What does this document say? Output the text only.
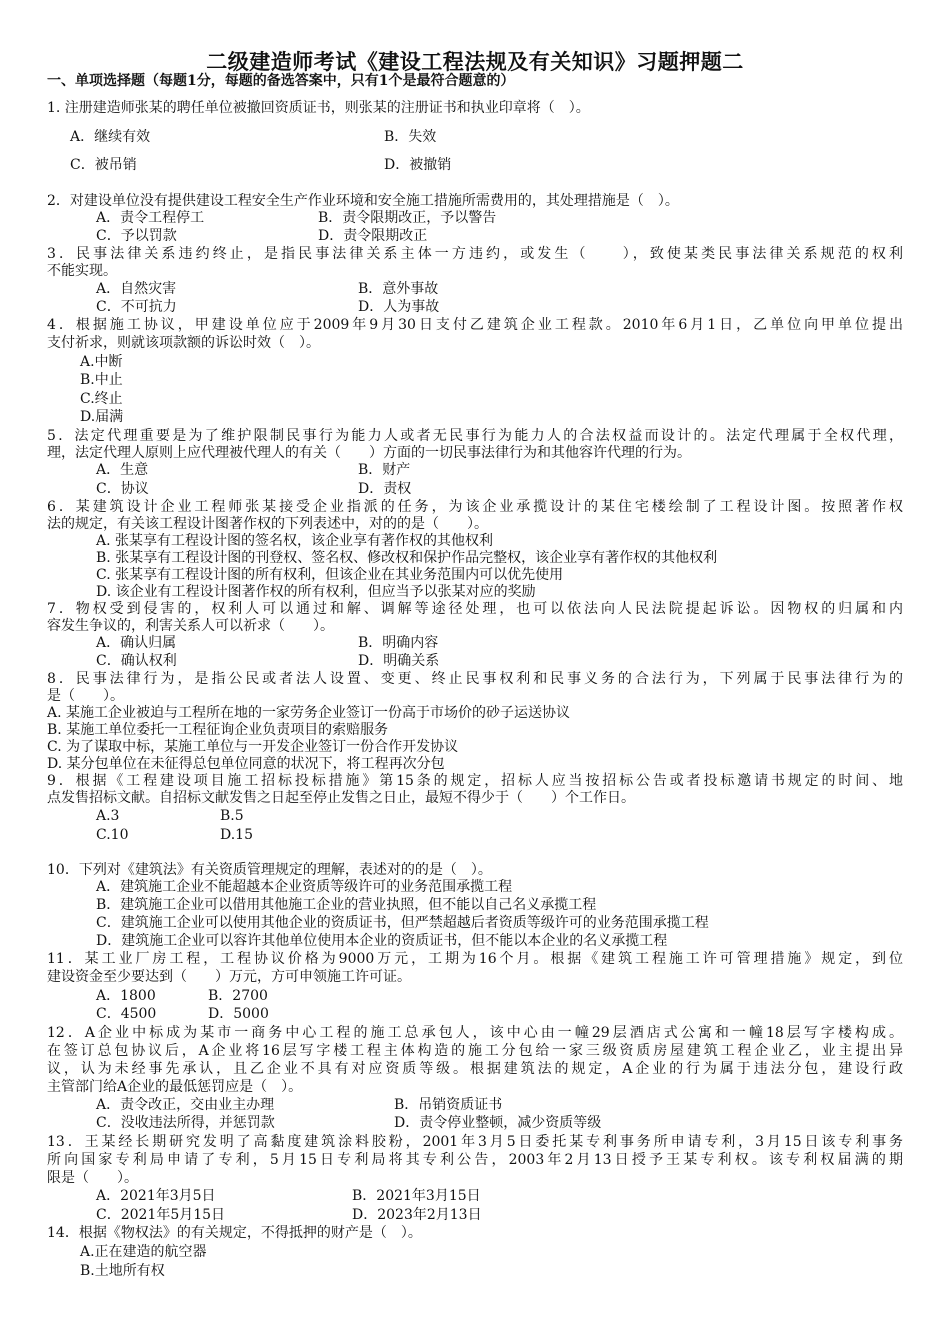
二级建造师考试《建设工程法规及有关知识》习题押题二
一、单项选择题（每题1分，每题的备选答案中，只有1个是最符合题意的）
1. 注册建造师张某的聘任单位被撤回资质证书，则张某的注册证书和执业印章将（　）。
A．继续有效	B．失效
C．被吊销	D．被撤销
2．对建设单位没有提供建设工程安全生产作业环境和安全施工措施所需费用的，其处理措施是（　）。
A．责令工程停工	B．责令限期改正，予以警告
C．予以罚款	D．责令限期改正
3．民事法律关系违约终止，是指民事法律关系主体一方违约，或发生（　　），致使某类民事法律关系规范的权利
不能实现。
A．自然灾害	B．意外事故
C．不可抗力	D．人为事故
4．根据施工协议，甲建设单位应于2009年9月30日支付乙建筑企业工程款。2010年6月1日，乙单位向甲单位提出
支付祈求，则就该项款额的诉讼时效（　）。
A.中断
B.中止
C.终止
D.届满
5．法定代理重要是为了维护限制民事行为能力人或者无民事行为能力人的合法权益而设计的。法定代理属于全权代理，
理，法定代理人原则上应代理被代理人的有关（　　）方面的一切民事法律行为和其他容许代理的行为。
A．生意	B．财产
C．协议	D．责权
6．某建筑设计企业工程师张某接受企业指派的任务，为该企业承揽设计的某住宅楼绘制了工程设计图。按照著作权
法的规定，有关该工程设计图著作权的下列表述中，对的的是（　　）。
A. 张某享有工程设计图的签名权，该企业享有著作权的其他权利
B. 张某享有工程设计图的刊登权、签名权、修改权和保护作品完整权，该企业享有著作权的其他权利
C. 张某享有工程设计图的所有权利，但该企业在其业务范围内可以优先使用
D. 该企业有工程设计图著作权的所有权利，但应当予以张某对应的奖励
7．物权受到侵害的，权利人可以通过和解、调解等途径处理，也可以依法向人民法院提起诉讼。因物权的归属和内
容发生争议的，利害关系人可以祈求（　　）。
A．确认归属	B．明确内容
C．确认权利	D．明确关系
8．民事法律行为，是指公民或者法人设置、变更、终止民事权利和民事义务的合法行为，下列属于民事法律行为的
是（　　）。
A. 某施工企业被迫与工程所在地的一家劳务企业签订一份高于市场价的砂子运送协议
B. 某施工单位委托一工程征询企业负责项目的索赔服务
C. 为了谋取中标，某施工单位与一开发企业签订一份合作开发协议
D. 某分包单位在未征得总包单位同意的状况下，将工程再次分包
9．根据《工程建设项目施工招标投标措施》第15条的规定，招标人应当按招标公告或者投标邀请书规定的时间、地
点发售招标文献。自招标文献发售之日起至停止发售之日止，最短不得少于（　　）个工作日。
A.3	B.5
C.10	D.15
10．下列对《建筑法》有关资质管理规定的理解，表述对的的是（　）。
A．建筑施工企业不能超越本企业资质等级许可的业务范围承揽工程
B．建筑施工企业可以借用其他施工企业的营业执照，但不能以自己名义承揽工程
C．建筑施工企业可以使用其他企业的资质证书，但严禁超越后者资质等级许可的业务范围承揽工程
D．建筑施工企业可以容许其他单位使用本企业的资质证书，但不能以本企业的名义承揽工程
11．某工业厂房工程，工程协议价格为9000万元，工期为16个月。根据《建筑工程施工许可管理措施》规定，到位
建设资金至少要达到（　　）万元，方可申领施工许可证。
A．1800	B．2700
C．4500	D．5000
12．A企业中标成为某市一商务中心工程的施工总承包人，该中心由一幢29层酒店式公寓和一幢18层写字楼构成。
在签订总包协议后，A企业将16层写字楼工程主体构造的施工分包给一家三级资质房屋建筑工程企业乙，业主提出异
议，认为未经事先承认，且乙企业不具有对应资质等级。根据建筑法的规定，A企业的行为属于违法分包，建设行政
主管部门给A企业的最低惩罚应是（　）。
A．责令改正，交由业主办理	B．吊销资质证书
C．没收违法所得，并惩罚款	D．责令停业整顿，减少资质等级
13．王某经长期研究发明了高黏度建筑涂料胶粉，2001年3月5日委托某专利事务所申请专利，3月15日该专利事务
所向国家专利局申请了专利，5月15日专利局将其专利公告，2003年2月13日授予王某专利权。该专利权届满的期
限是（　　）。
A．2021年3月5日	B．2021年3月15日
C．2021年5月15日	D．2023年2月13日
14．根据《物权法》的有关规定，不得抵押的财产是（　）。
A.正在建造的航空器
B.土地所有权
